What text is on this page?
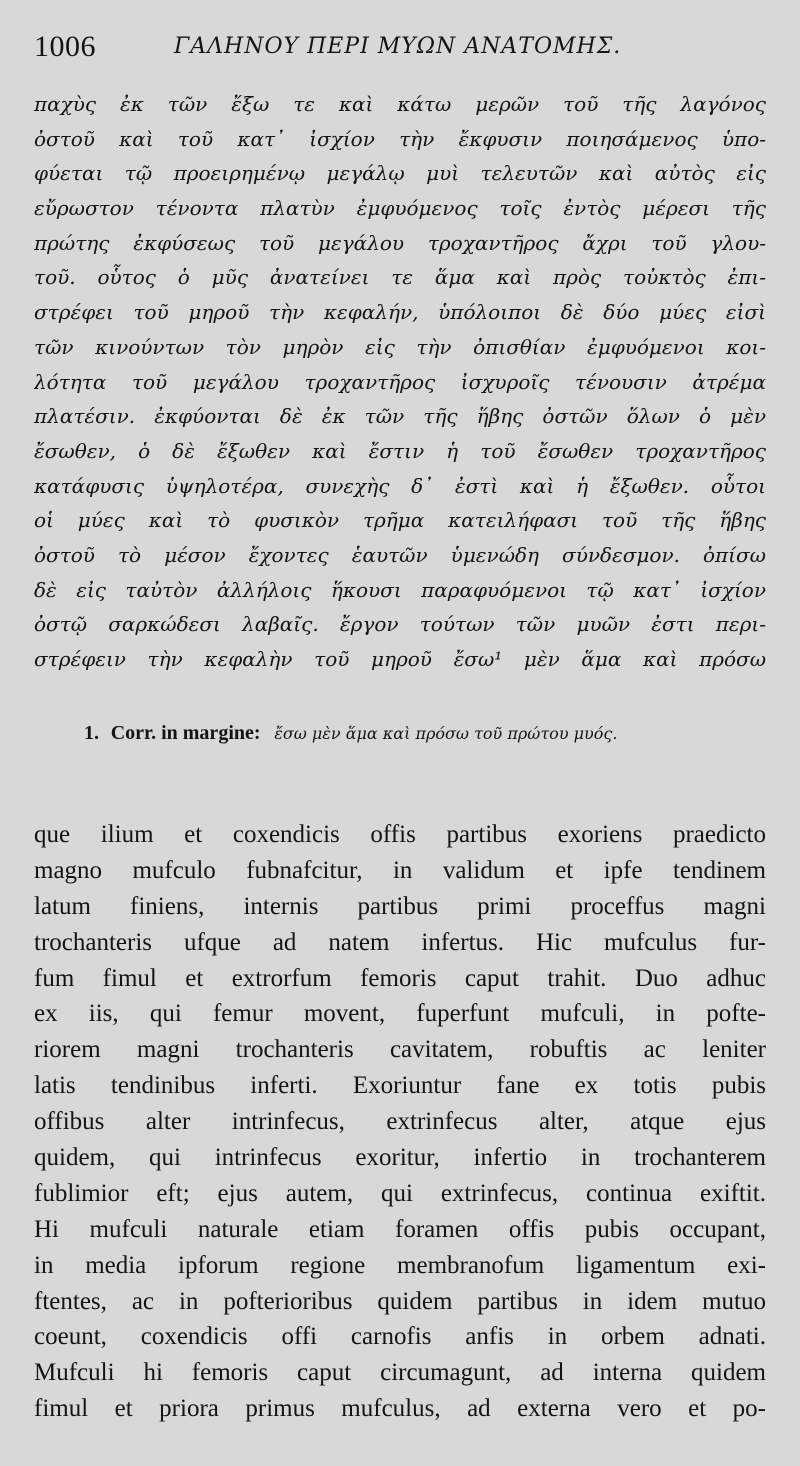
1006	ΓΑΛΗΝΟΥ ΠΕΡΙ ΜΥΩΝ ΑΝΑΤΟΜΗΣ.
παχὺς ἐκ τῶν ἔξω τε καὶ κάτω μερῶν τοῦ τῆς λαγόνος
ὀστοῦ καὶ τοῦ κατ᾽ ἰσχίον τὴν ἔκφυσιν ποιησάμενος ὑπο-
φύεται τῷ προειρημένῳ μεγάλῳ μυὶ τελευτῶν καὶ αὐτὸς εἰς
εὔρωστον τένοντα πλατὺν ἐμφυόμενος τοῖς ἐντὸς μέρεσι τῆς
πρώτης ἐκφύσεως τοῦ μεγάλου τροχαντῆρος ἄχρι τοῦ γλου-
τοῦ. οὗτος ὁ μῦς ἀνατείνει τε ἅμα καὶ πρὸς τοὐκτὸς ἐπι-
στρέφει τοῦ μηροῦ τὴν κεφαλήν, ὑπόλοιποι δὲ δύο μύες εἰσὶ
τῶν κινούντων τὸν μηρὸν εἰς τὴν ὀπισθίαν ἐμφυόμενοι κοι-
λότητα τοῦ μεγάλου τροχαντῆρος ἰσχυροῖς τένουσιν ἀτρέμα
πλατέσιν. ἐκφύονται δὲ ἐκ τῶν τῆς ἥβης ὀστῶν ὅλων ὁ μὲν
ἔσωθεν, ὁ δὲ ἔξωθεν καὶ ἔστιν ἡ τοῦ ἔσωθεν τροχαντῆρος
κατάφυσις ὑψηλοτέρα, συνεχὴς δ᾽ ἐστὶ καὶ ἡ ἔξωθεν. οὗτοι
οἱ μύες καὶ τὸ φυσικὸν τρῆμα κατειλήφασι τοῦ τῆς ἥβης
ὀστοῦ τὸ μέσον ἔχοντες ἑαυτῶν ὑμενώδη σύνδεσμον. ὀπίσω
δὲ εἰς ταὐτὸν ἀλλήλοις ἥκουσι παραφυόμενοι τῷ κατ᾽ ἰσχίον
ὀστῷ σαρκώδεσι λαβαῖς. ἔργον τούτων τῶν μυῶν ἐστι περι-
στρέφειν τὴν κεφαλὴν τοῦ μηροῦ ἔσω¹ μὲν ἅμα καὶ πρόσω
1. Corr. in margine: ἔσω μὲν ἅμα καὶ πρόσω τοῦ πρώτου μυός.
que ilium et coxendicis offis partibus exoriens praedicto
magno mufculo fubnafcitur, in validum et ipfe tendinem
latum finiens, internis partibus primi proceffus magni
trochanteris ufque ad natem infertus. Hic mufculus fur-
fum fimul et extrorfum femoris caput trahit. Duo adhuc
ex iis, qui femur movent, fuperfunt mufculi, in pofte-
riorem magni trochanteris cavitatem, robuftis ac leniter
latis tendinibus inferti. Exoriuntur fane ex totis pubis
offibus alter intrinfecus, extrinfecus alter, atque ejus
quidem, qui intrinfecus exoritur, infertio in trochanterem
fublimior eft; ejus autem, qui extrinfecus, continua exiftit.
Hi mufculi naturale etiam foramen offis pubis occupant,
in media ipforum regione membranofum ligamentum exi-
ftentes, ac in pofterioribus quidem partibus in idem mutuo
coeunt, coxendicis offi carnofis anfis in orbem adnati.
Mufculi hi femoris caput circumagunt, ad interna quidem
fimul et priora primus mufculus, ad externa vero et po-
